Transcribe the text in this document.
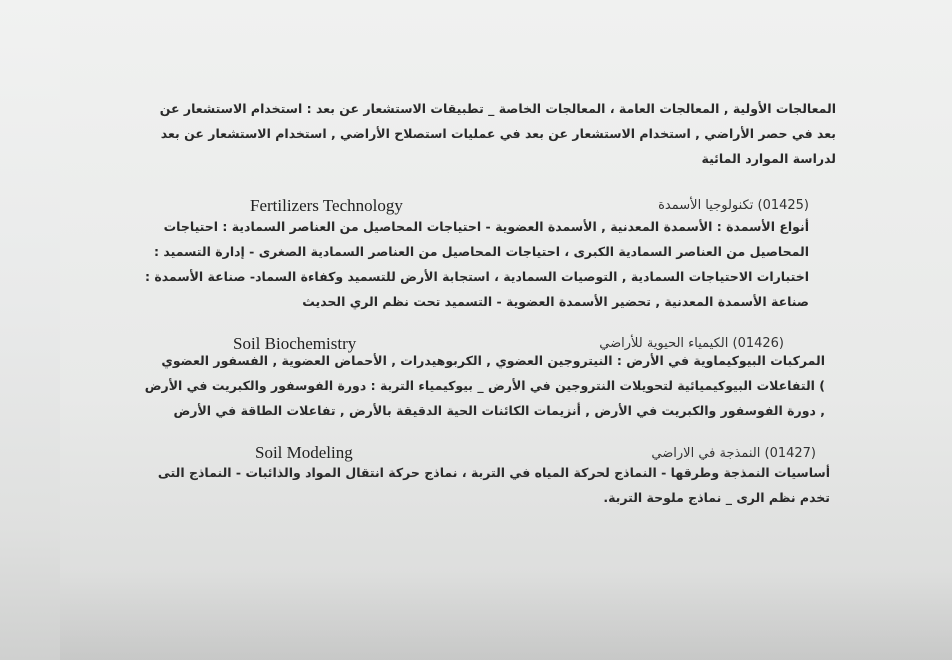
المعالجات الأولية , المعالجات العامة ، المعالجات الخاصة _ تطبيقات الاستشعار عن بعد : استخدام الاستشعار عن
بعد في حصر الأراضي , استخدام الاستشعار عن بعد في عمليات استصلاح الأراضي , استخدام الاستشعار عن بعد
لدراسة الموارد المائية
Fertilizers Technology	(01425) تكنولوجيا الأسمدة
أنواع الأسمدة : الأسمدة المعدنية , الأسمدة العضوية - احتياجات المحاصيل من العناصر السمادية : احتياجات
المحاصيل من العناصر السمادية الكبرى ، احتياجات المحاصيل من العناصر السمادية الصغرى - إدارة التسميد :
اختبارات الاحتياجات السمادية , التوصيات السمادية ، استجابة الأرض للتسميد وكفاءة السماد- صناعة الأسمدة :
صناعة الأسمدة المعدنية , تحضير الأسمدة العضوية - التسميد تحت نظم الري الحديث
Soil Biochemistry	(01426) الكيمياء الحيوية للأراضي
المركبات البيوكيماوية في الأرض : النيتروجين العضوي , الكربوهيدرات , الأحماض العضوية , الفسفور العضوي
) التفاعلات البيوكيميائية لتحويلات النتروجين في الأرض _ بيوكيمياء التربة : دورة الفوسفور والكبريت في الأرض
, دورة الفوسفور والكبريت في الأرض , أنزيمات الكائنات الحية الدقيقة بالأرض , تفاعلات الطاقة في الأرض
Soil Modeling	(01427) النمذجة في الاراضي
أساسيات النمذجة وطرقها - النماذج لحركة المياه في التربة ، نماذج حركة انتقال المواد والذائبات - النماذج التى
تخدم نظم الرى _ نماذج ملوحة التربة.
